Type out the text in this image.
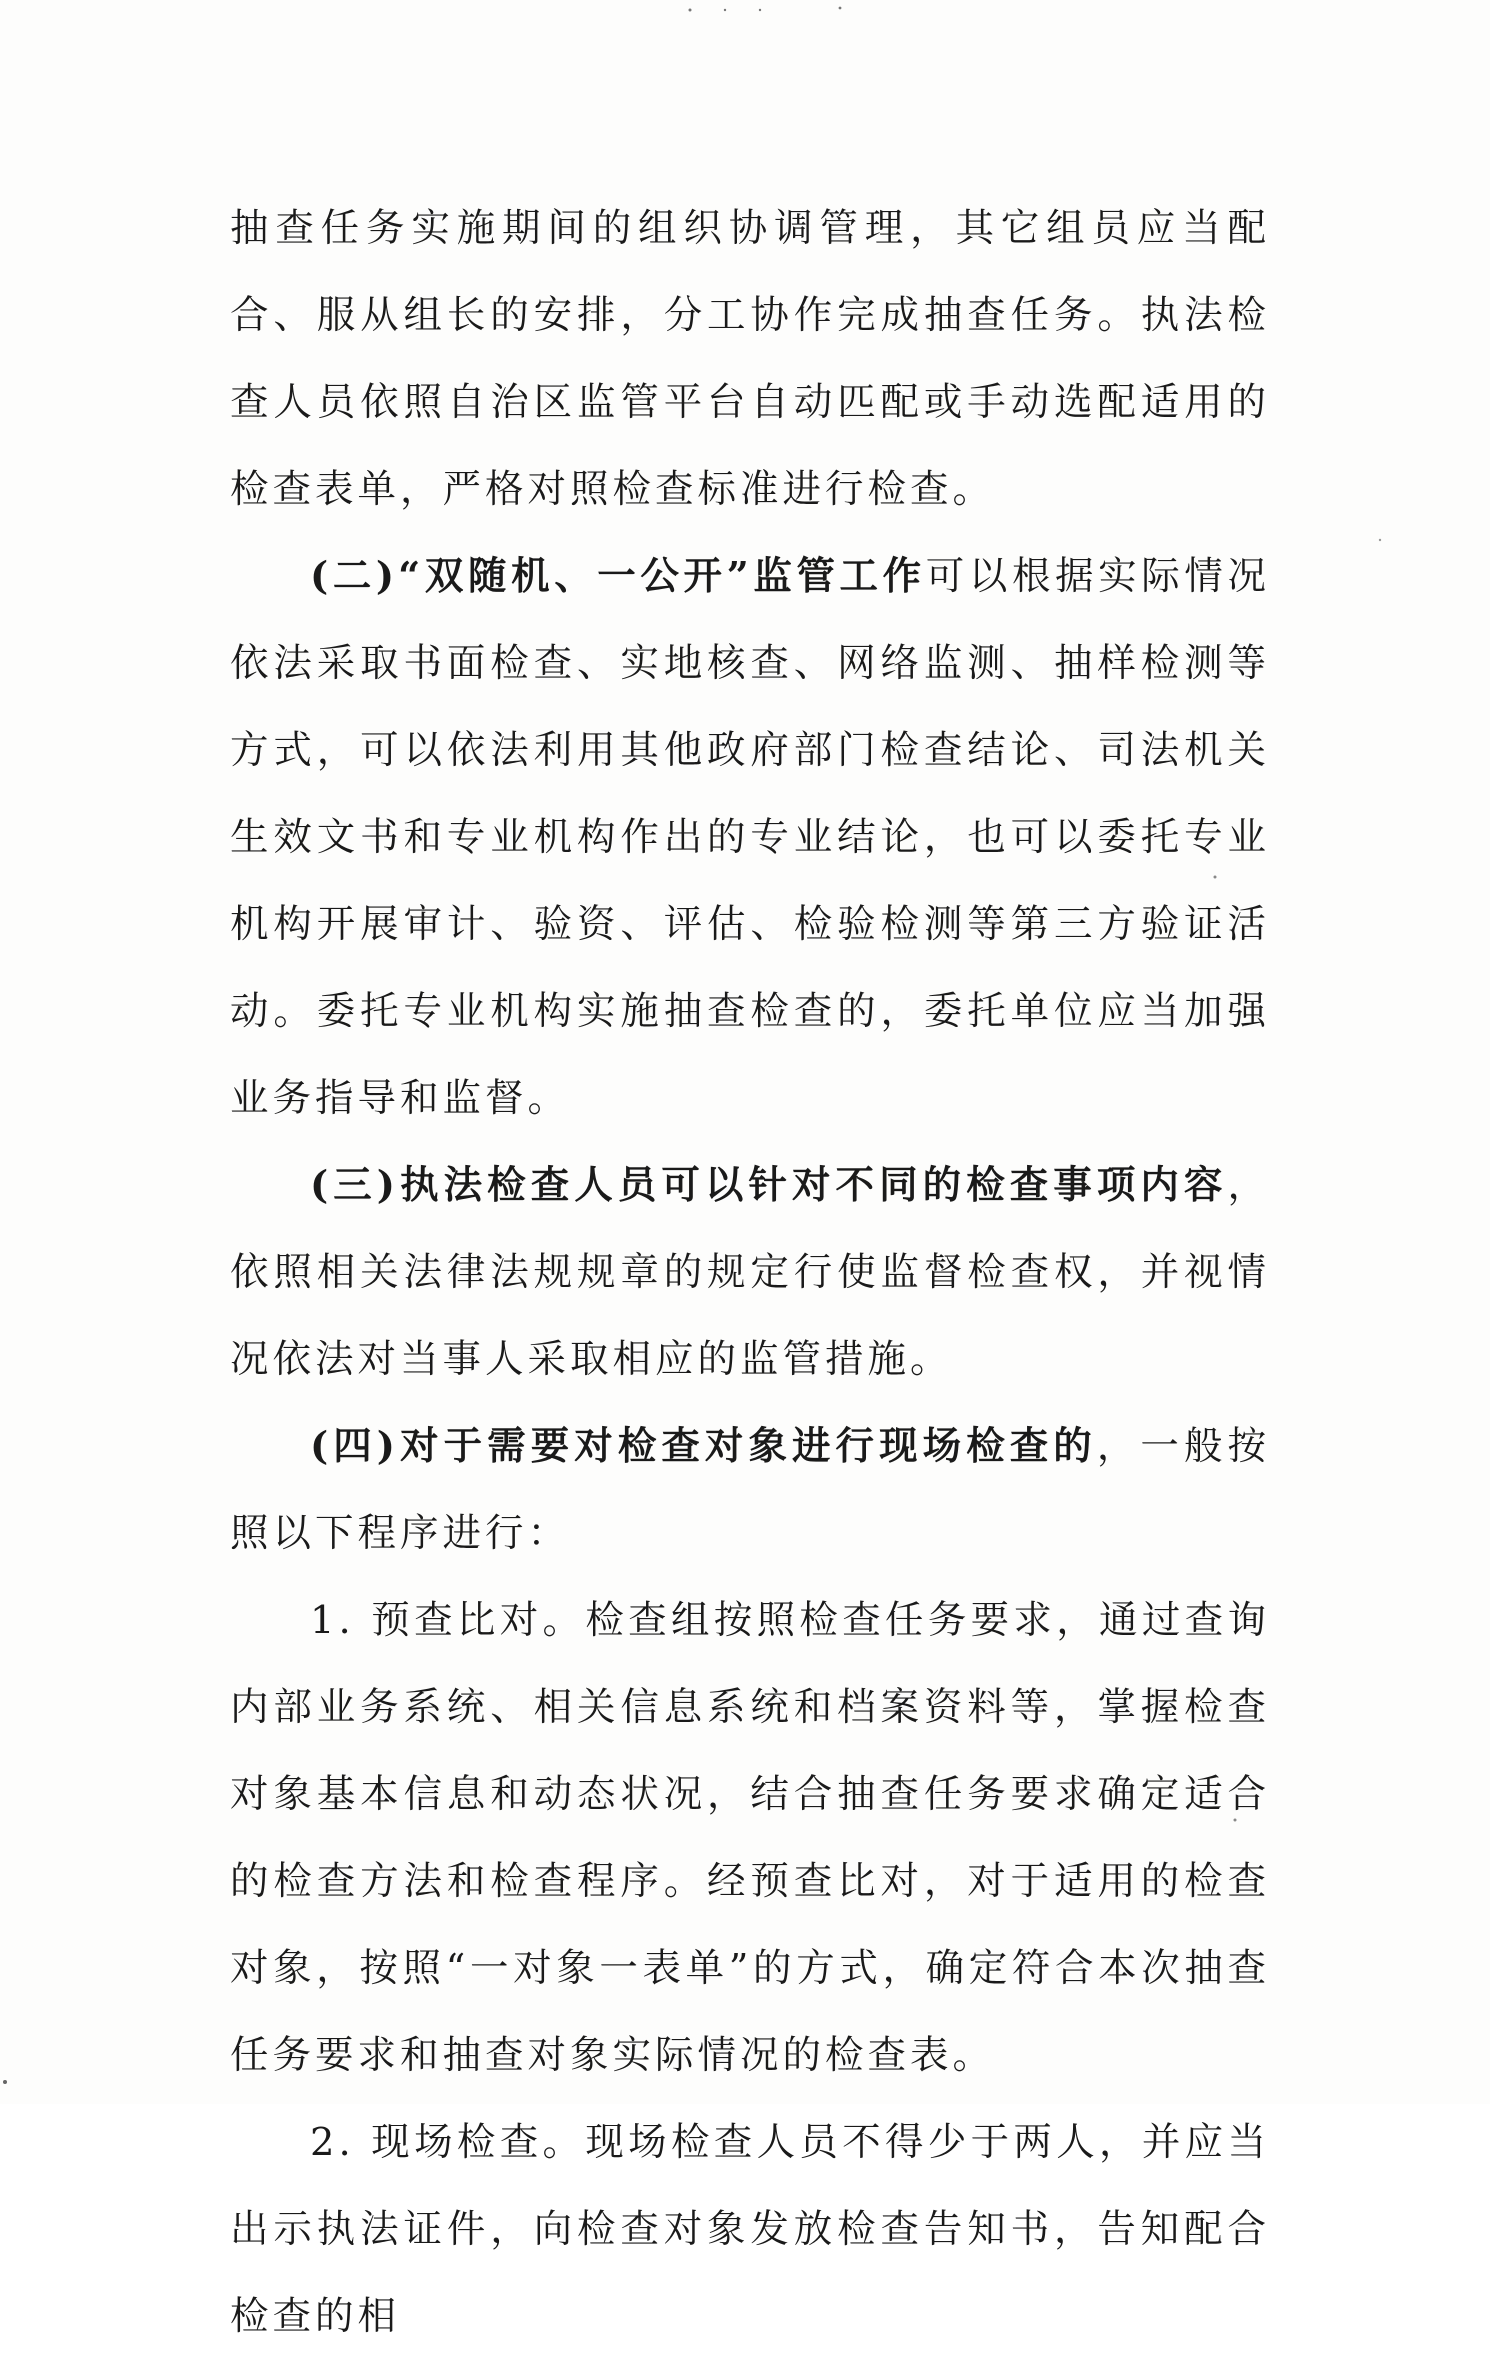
抽查任务实施期间的组织协调管理，其它组员应当配合、服从组长的安排，分工协作完成抽查任务。执法检查人员依照自治区监管平台自动匹配或手动选配适用的检查表单，严格对照检查标准进行检查。

(二)“双随机、一公开”监管工作可以根据实际情况依法采取书面检查、实地核查、网络监测、抽样检测等方式，可以依法利用其他政府部门检查结论、司法机关生效文书和专业机构作出的专业结论，也可以委托专业机构开展审计、验资、评估、检验检测等第三方验证活动。委托专业机构实施抽查检查的，委托单位应当加强业务指导和监督。

(三)执法检查人员可以针对不同的检查事项内容，依照相关法律法规规章的规定行使监督检查权，并视情况依法对当事人采取相应的监管措施。

(四)对于需要对检查对象进行现场检查的，一般按照以下程序进行：

1. 预查比对。检查组按照检查任务要求，通过查询内部业务系统、相关信息系统和档案资料等，掌握检查对象基本信息和动态状况，结合抽查任务要求确定适合的检查方法和检查程序。经预查比对，对于适用的检查对象，按照“一对象一表单”的方式，确定符合本次抽查任务要求和抽查对象实际情况的检查表。

2. 现场检查。现场检查人员不得少于两人，并应当出示执法证件，向检查对象发放检查告知书，告知配合检查的相
